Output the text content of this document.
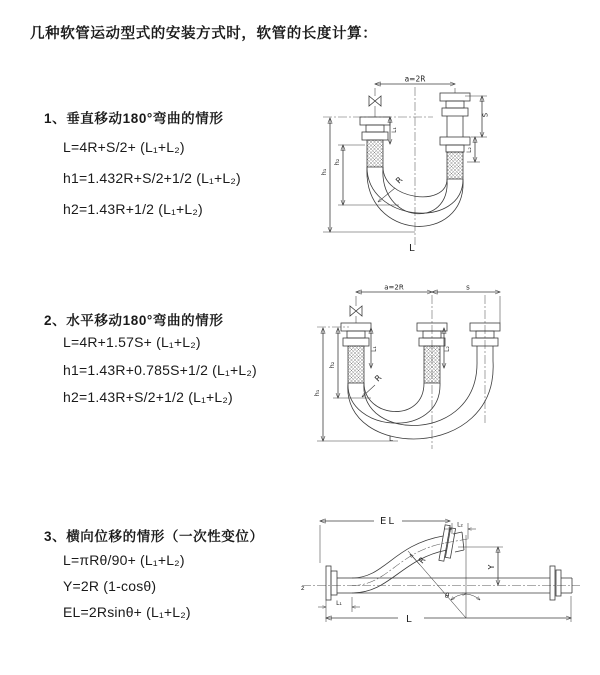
几种软管运动型式的安装方式时，软管的长度计算：
1、垂直移动180°弯曲的情形
L=4R+S/2+ (L₁+L₂)
h1=1.432R+S/2+1/2 (L₁+L₂)
h2=1.43R+1/2 (L₁+L₂)
2、水平移动180°弯曲的情形
L=4R+1.57S+ (L₁+L₂)
h1=1.43R+0.785S+1/2 (L₁+L₂)
h2=1.43R+S/2+1/2 (L₁+L₂)
3、横向位移的情形（一次性变位）
L=πRθ/90+ (L₁+L₂)
Y=2R (1-cosθ)
EL=2Rsinθ+ (L₁+L₂)
a=2R
h₁
h₂
L₁
S
L₂
R
L
a=2R	s
h₁
h₂
L₁	L₂
R
L
z
EL	L₂
Y
θ
R
L₁
L
